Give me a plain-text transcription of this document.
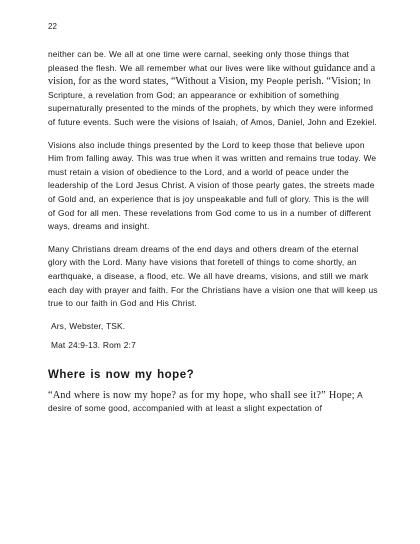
22

neither can be. We all at one time were carnal, seeking only those things that pleased the flesh. We all remember what our lives were like without guidance and a vision, for as the word states, “Without a Vision, my People perish. “Vision; In Scripture, a revelation from God; an appearance or exhibition of something supernaturally presented to the minds of the prophets, by which they were informed of future events. Such were the visions of Isaiah, of Amos, Daniel, John and Ezekiel.

Visions also include things presented by the Lord to keep those that believe upon Him from falling away. This was true when it was written and remains true today. We must retain a vision of obedience to the Lord, and a world of peace under the leadership of the Lord Jesus Christ. A vision of those pearly gates, the streets made of Gold and, an experience that is joy unspeakable and full of glory. This is the will of God for all men. These revelations from God come to us in a number of different ways, dreams and insight.

Many Christians dream dreams of the end days and others dream of the eternal glory with the Lord. Many have visions that foretell of things to come shortly, an earthquake, a disease, a flood, etc. We all have dreams, visions, and still we mark each day with prayer and faith. For the Christians have a vision one that will keep us true to our faith in God and His Christ.

Ars, Webster, TSK.

Mat 24:9-13. Rom 2:7

Where is now my hope?

“And where is now my hope? as for my hope, who shall see it?” Hope; A desire of some good, accompanied with at least a slight expectation of
